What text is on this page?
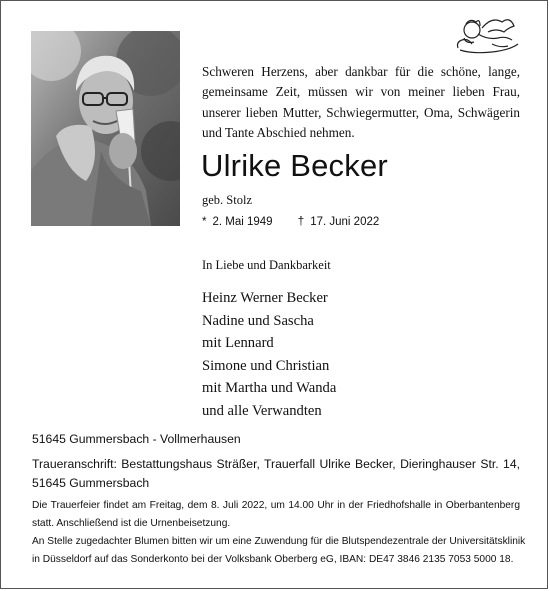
Schweren Herzens, aber dankbar für die schöne, lange,
gemeinsame Zeit, müssen wir von meiner lieben Frau,
unserer lieben Mutter, Schwiegermutter, Oma, Schwägerin
und Tante Abschied nehmen.
Ulrike Becker
geb. Stolz
* 2. Mai 1949 † 17. Juni 2022
In Liebe und Dankbarkeit
Heinz Werner Becker
Nadine und Sascha
mit Lennard
Simone und Christian
mit Martha und Wanda
und alle Verwandten
51645 Gummersbach - Vollmerhausen
Traueranschrift: Bestattungshaus Sträßer, Trauerfall Ulrike Becker, Dieringhauser Str. 14,
51645 Gummersbach
Die Trauerfeier findet am Freitag, dem 8. Juli 2022, um 14.00 Uhr in der Friedhofshalle in Oberbantenberg
statt. Anschließend ist die Urnenbeisetzung.
An Stelle zugedachter Blumen bitten wir um eine Zuwendung für die Blutspendezentrale der Universitätsklinik
in Düsseldorf auf das Sonderkonto bei der Volksbank Oberberg eG, IBAN: DE47 3846 2135 7053 5000 18.
